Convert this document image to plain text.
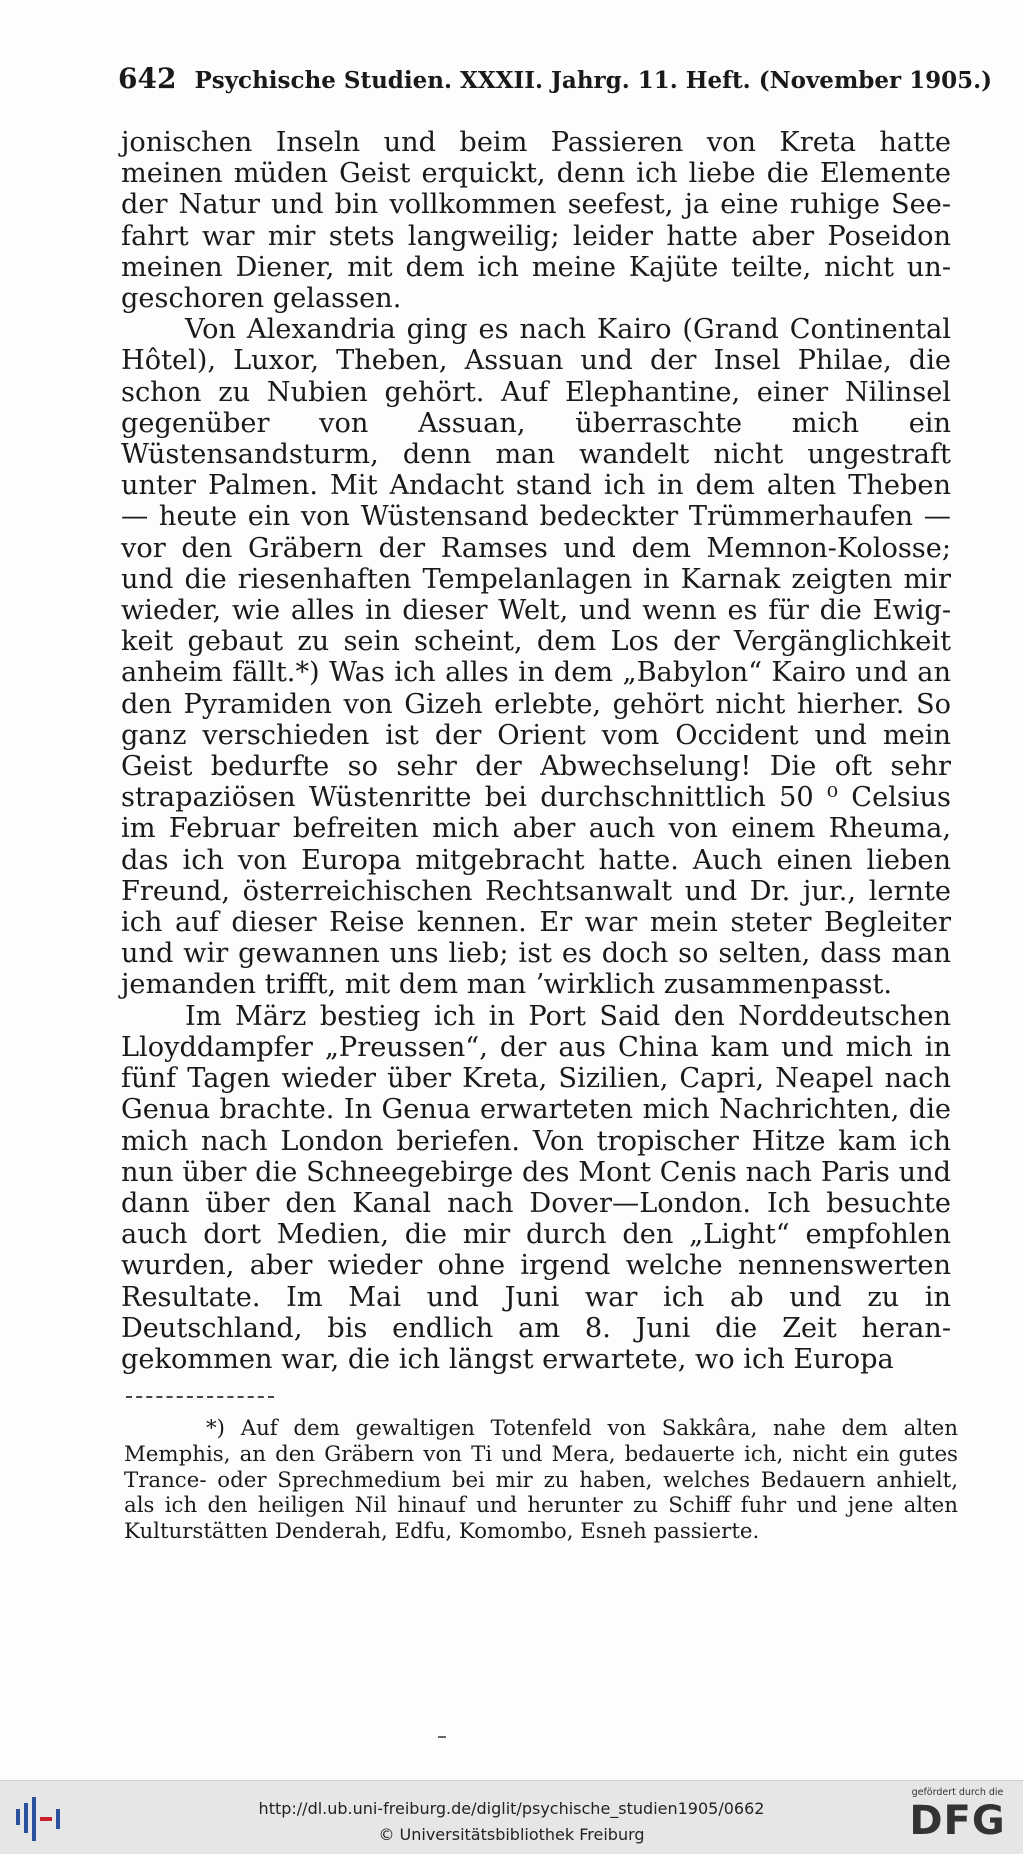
642 Psychische Studien. XXXII. Jahrg. 11. Heft. (November 1905.)

jonischen Inseln und beim Passieren von Kreta hatte meinen müden Geist erquickt, denn ich liebe die Elemente der Natur und bin vollkommen seefest, ja eine ruhige Seefahrt war mir stets langweilig; leider hatte aber Poseidon meinen Diener, mit dem ich meine Kajüte teilte, nicht ungeschoren gelassen.

Von Alexandria ging es nach Kairo (Grand Continental Hôtel), Luxor, Theben, Assuan und der Insel Philae, die schon zu Nubien gehört. Auf Elephantine, einer Nilinsel gegenüber von Assuan, überraschte mich ein Wüstensandsturm, denn man wandelt nicht ungestraft unter Palmen. Mit Andacht stand ich in dem alten Theben — heute ein von Wüstensand bedeckter Trümmerhaufen — vor den Gräbern der Ramses und dem Memnon-Kolosse; und die riesenhaften Tempelanlagen in Karnak zeigten mir wieder, wie alles in dieser Welt, und wenn es für die Ewigkeit gebaut zu sein scheint, dem Los der Vergänglichkeit anheim fällt.*) Was ich alles in dem „Babylon“ Kairo und an den Pyramiden von Gizeh erlebte, gehört nicht hierher. So ganz verschieden ist der Orient vom Occident und mein Geist bedurfte so sehr der Abwechselung! Die oft sehr strapaziösen Wüstenritte bei durchschnittlich 50 ⁰ Celsius im Februar befreiten mich aber auch von einem Rheuma, das ich von Europa mitgebracht hatte. Auch einen lieben Freund, österreichischen Rechtsanwalt und Dr. jur., lernte ich auf dieser Reise kennen. Er war mein steter Begleiter und wir gewannen uns lieb; ist es doch so selten, dass man jemanden trifft, mit dem man ʼwirklich zusammenpasst.

Im März bestieg ich in Port Said den Norddeutschen Lloyddampfer „Preussen“, der aus China kam und mich in fünf Tagen wieder über Kreta, Sizilien, Capri, Neapel nach Genua brachte. In Genua erwarteten mich Nachrichten, die mich nach London beriefen. Von tropischer Hitze kam ich nun über die Schneegebirge des Mont Cenis nach Paris und dann über den Kanal nach Dover—London. Ich besuchte auch dort Medien, die mir durch den „Light“ empfohlen wurden, aber wieder ohne irgend welche nennenswerten Resultate. Im Mai und Juni war ich ab und zu in Deutschland, bis endlich am 8. Juni die Zeit herangekommen war, die ich längst erwartete, wo ich Europa

*) Auf dem gewaltigen Totenfeld von Sakkâra, nahe dem alten Memphis, an den Gräbern von Ti und Mera, bedauerte ich, nicht ein gutes Trance- oder Sprechmedium bei mir zu haben, welches Bedauern anhielt, als ich den heiligen Nil hinauf und herunter zu Schiff fuhr und jene alten Kulturstätten Denderah, Edfu, Komombo, Esneh passierte.
http://dl.ub.uni-freiburg.de/diglit/psychische_studien1905/0662
© Universitätsbibliothek Freiburg
gefördert durch die
DFG
